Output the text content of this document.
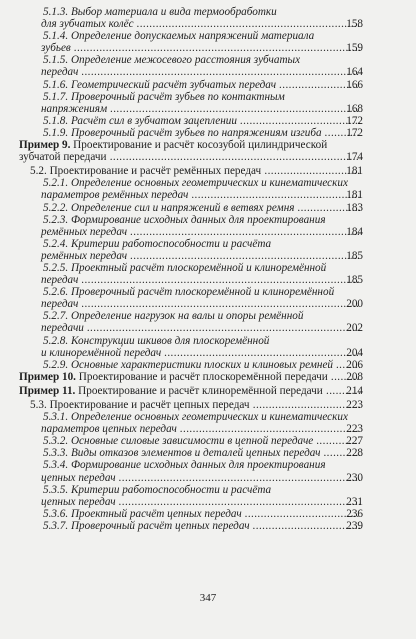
5.1.3. Выбор материала и вида термообработки
для зубчатых колёс .....	158
5.1.4. Определение допускаемых напряжений материала
зубьев .....	159
5.1.5. Определение межосевого расстояния зубчатых
передач .....	164
5.1.6. Геометрический расчёт зубчатых передач .....	166
5.1.7. Проверочный расчёт зубьев по контактным
напряжениям .....	168
5.1.8. Расчёт сил в зубчатом зацеплении .....	172
5.1.9. Проверочный расчёт зубьев по напряжениям изгиба .....	172
Пример 9. Проектирование и расчёт косозубой цилиндрической
зубчатой передачи .....	174
5.2. Проектирование и расчёт ремённых передач .....	181
5.2.1. Определение основных геометрических и кинематических
параметров ремённых передач .....	181
5.2.2. Определение сил и напряжений в ветвях ремня .....	183
5.2.3. Формирование исходных данных для проектирования
ремённых передач .....	184
5.2.4. Критерии работоспособности и расчёта
ремённых передач .....	185
5.2.5. Проектный расчёт плоскоремённой и клиноремённой
передач .....	185
5.2.6. Проверочный расчёт плоскоремённой и клиноремённой
передач .....	200
5.2.7. Определение нагрузок на валы и опоры ремённой
передачи .....	202
5.2.8. Конструкции шкивов для плоскоремённой
и клиноремённой передач .....	204
5.2.9. Основные характеристики плоских и клиновых ремней .....	206
Пример 10. Проектирование и расчёт плоскоремённой передачи .....	208
Пример 11. Проектирование и расчёт клиноремённой передачи .....	214
5.3. Проектирование и расчёт цепных передач .....	223
5.3.1. Определение основных геометрических и кинематических
параметров цепных передач .....	223
5.3.2. Основные силовые зависимости в цепной передаче .....	227
5.3.3. Виды отказов элементов и деталей цепных передач .....	228
5.3.4. Формирование исходных данных для проектирования
цепных передач .....	230
5.3.5. Критерии работоспособности и расчёта
цепных передач .....	231
5.3.6. Проектный расчёт цепных передач .....	236
5.3.7. Проверочный расчёт цепных передач .....	239
347
